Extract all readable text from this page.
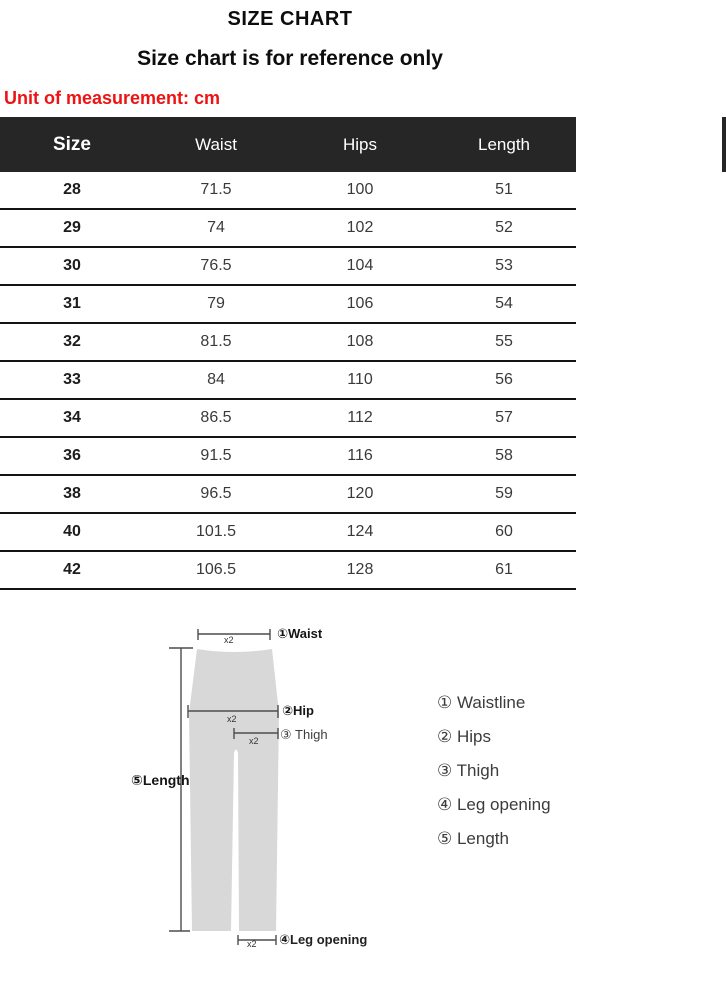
SIZE CHART
Size chart is for reference only
Unit of measurement: cm
Size	Waist	Hips	Length
28	71.5	100	51
29	74	102	52
30	76.5	104	53
31	79	106	54
32	81.5	108	55
33	84	110	56
34	86.5	112	57
36	91.5	116	58
38	96.5	120	59
40	101.5	124	60
42	106.5	128	61
①Waist
x2
②Hip
x2
③ Thigh
x2
⑤Length
④Leg opening
x2
① Waistline
② Hips
③ Thigh
④ Leg opening
⑤ Length
